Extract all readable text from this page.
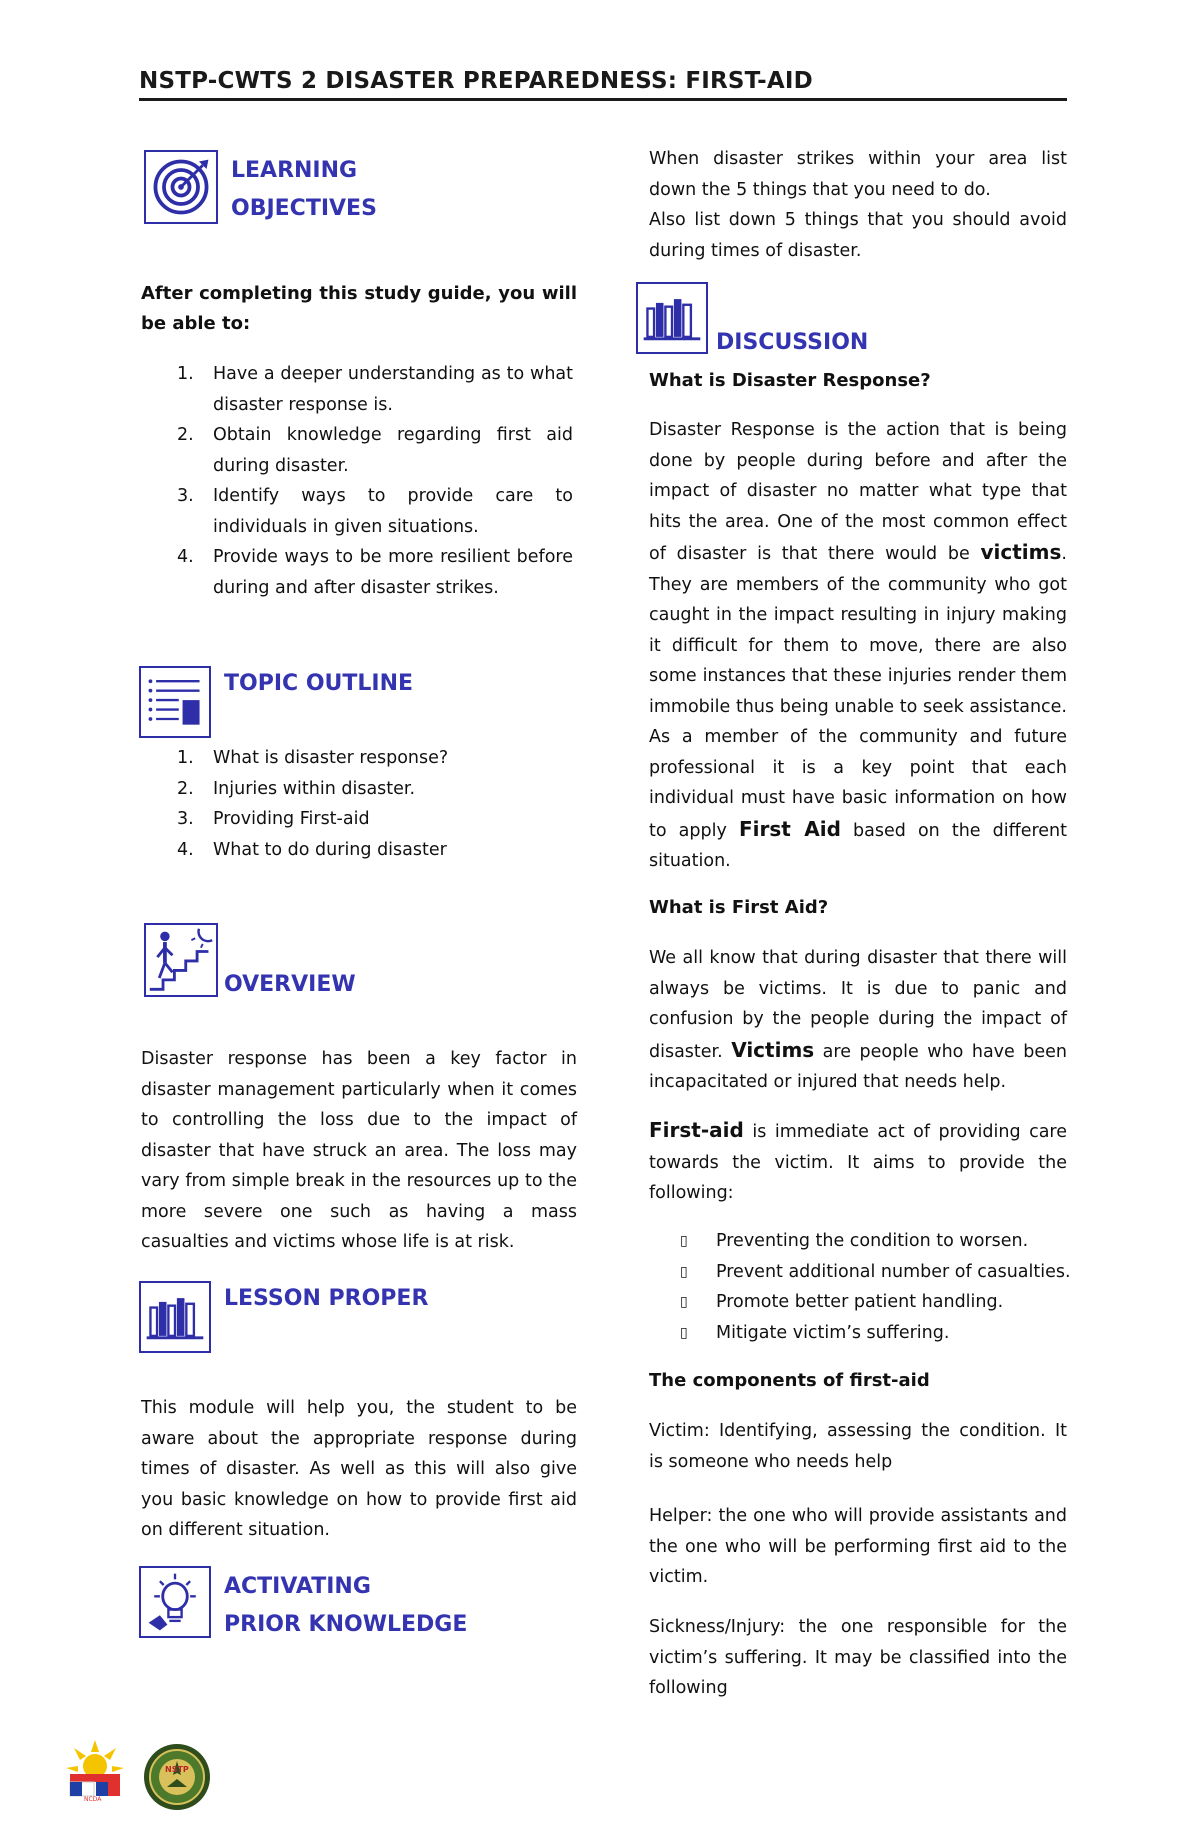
NSTP-CWTS 2 DISASTER PREPAREDNESS: FIRST-AID
LEARNING
OBJECTIVES
After completing this study guide, you will be able to:
1.	Have a deeper understanding as to what disaster response is.
2.	Obtain knowledge regarding first aid during disaster.
3.	Identify ways to provide care to individuals in given situations.
4.	Provide ways to be more resilient before during and after disaster strikes.
TOPIC OUTLINE
1.	What is disaster response?
2.	Injuries within disaster.
3.	Providing First-aid
4.	What to do during disaster
OVERVIEW
Disaster response has been a key factor in disaster management particularly when it comes to controlling the loss due to the impact of disaster that have struck an area. The loss may vary from simple break in the resources up to the more severe one such as having a mass casualties and victims whose life is at risk.
LESSON PROPER
This module will help you, the student to be aware about the appropriate response during times of disaster. As well as this will also give you basic knowledge on how to provide first aid on different situation.
ACTIVATING
PRIOR KNOWLEDGE
NCDA
NSTP
When disaster strikes within your area list down the 5 things that you need to do.
Also list down 5 things that you should avoid during times of disaster.
DISCUSSION
What is Disaster Response?
Disaster Response is the action that is being done by people during before and after the impact of disaster no matter what type that hits the area. One of the most common effect of disaster is that there would be victims. They are members of the community who got caught in the impact resulting in injury making it difficult for them to move, there are also some instances that these injuries render them immobile thus being unable to seek assistance. As a member of the community and future professional it is a key point that each individual must have basic information on how to apply First Aid based on the different situation.
What is First Aid?
We all know that during disaster that there will always be victims. It is due to panic and confusion by the people during the impact of disaster. Victims are people who have been incapacitated or injured that needs help.
First-aid is immediate act of providing care towards the victim. It aims to provide the following:
▯	Preventing the condition to worsen.
▯	Prevent additional number of casualties.
▯	Promote better patient handling.
▯	Mitigate victim’s suffering.
The components of first-aid
Victim: Identifying, assessing the condition. It is someone who needs help
Helper: the one who will provide assistants and the one who will be performing first aid to the victim.
Sickness/Injury: the one responsible for the victim’s suffering. It may be classified into the following
